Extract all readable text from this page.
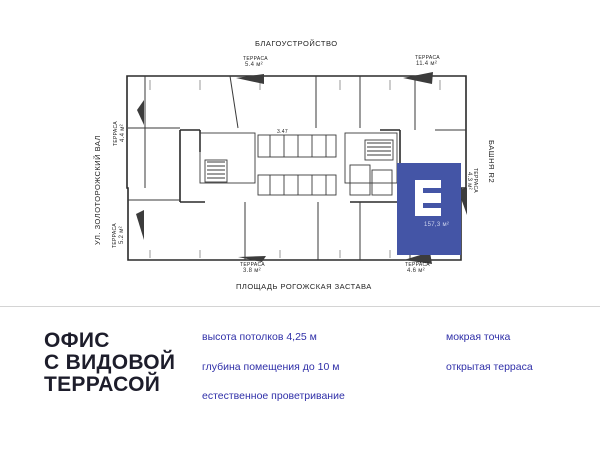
БЛАГОУСТРОЙСТВО
ПЛОЩАДЬ РОГОЖСКАЯ ЗАСТАВА
УЛ. ЗОЛОТОРОЖСКИЙ ВАЛ	БАШНЯ R2
ТЕРРАСА
5.4 м²
ТЕРРАСА
11.4 м²
ТЕРРАСА 4.4 м²
ТЕРРАСА 5.2 м²
ТЕРРАСА
4.3 м²
ТЕРРАСА
3.8 м²
ТЕРРАСА
4.6 м²
157,3 м²
3.47
ОФИС
С ВИДОВОЙ
ТЕРРАСОЙ
высота потолков 4,25 м
глубина помещения до 10 м
естественное проветривание
мокрая точка
открытая терраса
